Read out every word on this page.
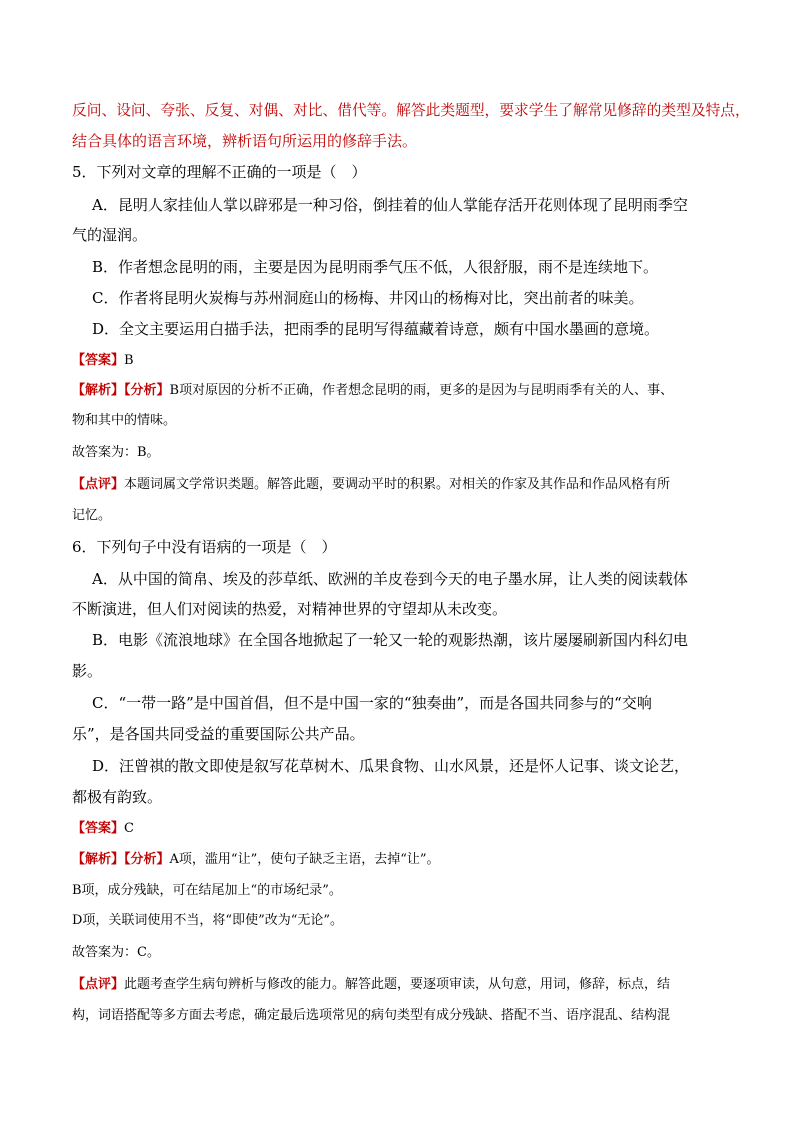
反问、设问、夸张、反复、对偶、对比、借代等。解答此类题型，要求学生了解常见修辞的类型及特点，
结合具体的语言环境，辨析语句所运用的修辞手法。
5．下列对文章的理解不正确的一项是（　）
A．昆明人家挂仙人掌以辟邪是一种习俗，倒挂着的仙人掌能存活开花则体现了昆明雨季空
气的湿润。
B．作者想念昆明的雨，主要是因为昆明雨季气压不低，人很舒服，雨不是连续地下。
C．作者将昆明火炭梅与苏州洞庭山的杨梅、井冈山的杨梅对比，突出前者的味美。
D．全文主要运用白描手法，把雨季的昆明写得蕴藏着诗意，颇有中国水墨画的意境。
【答案】B
【解析】【分析】B项对原因的分析不正确，作者想念昆明的雨，更多的是因为与昆明雨季有关的人、事、
物和其中的情味。
故答案为：B。
【点评】本题词属文学常识类题。解答此题，要调动平时的积累。对相关的作家及其作品和作品风格有所
记忆。
6．下列句子中没有语病的一项是（　）
A．从中国的简帛、埃及的莎草纸、欧洲的羊皮卷到今天的电子墨水屏，让人类的阅读载体
不断演进，但人们对阅读的热爱，对精神世界的守望却从未改变。
B．电影《流浪地球》在全国各地掀起了一轮又一轮的观影热潮，该片屡屡刷新国内科幻电
影。
C．“一带一路”是中国首倡，但不是中国一家的“独奏曲”，而是各国共同参与的“交响
乐”，是各国共同受益的重要国际公共产品。
D．汪曾祺的散文即使是叙写花草树木、瓜果食物、山水风景，还是怀人记事、谈文论艺，
都极有韵致。
【答案】C
【解析】【分析】A项，滥用“让”，使句子缺乏主语，去掉“让”。
B项，成分残缺，可在结尾加上“的市场纪录”。
D项，关联词使用不当，将“即使”改为“无论”。
故答案为：C。
【点评】此题考查学生病句辨析与修改的能力。解答此题，要逐项审读，从句意，用词，修辞，标点，结
构，词语搭配等多方面去考虑，确定最后选项常见的病句类型有成分残缺、搭配不当、语序混乱、结构混
